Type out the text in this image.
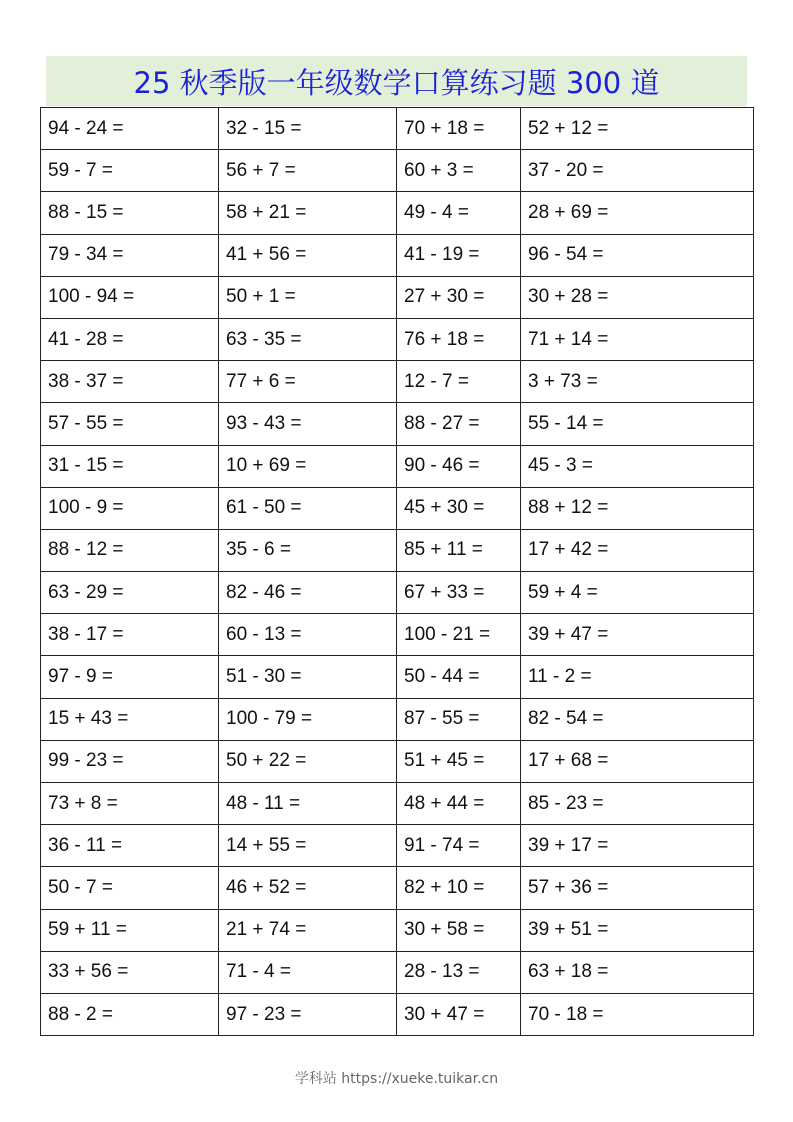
25 秋季版一年级数学口算练习题 300 道
94 - 24 =	32 - 15 =	70 + 18 =	52 + 12 =
59 - 7 =	56 + 7 =	60 + 3 =	37 - 20 =
88 - 15 =	58 + 21 =	49 - 4 =	28 + 69 =
79 - 34 =	41 + 56 =	41 - 19 =	96 - 54 =
100 - 94 =	50 + 1 =	27 + 30 =	30 + 28 =
41 - 28 =	63 - 35 =	76 + 18 =	71 + 14 =
38 - 37 =	77 + 6 =	12 - 7 =	3 + 73 =
57 - 55 =	93 - 43 =	88 - 27 =	55 - 14 =
31 - 15 =	10 + 69 =	90 - 46 =	45 - 3 =
100 - 9 =	61 - 50 =	45 + 30 =	88 + 12 =
88 - 12 =	35 - 6 =	85 + 11 =	17 + 42 =
63 - 29 =	82 - 46 =	67 + 33 =	59 + 4 =
38 - 17 =	60 - 13 =	100 - 21 =	39 + 47 =
97 - 9 =	51 - 30 =	50 - 44 =	11 - 2 =
15 + 43 =	100 - 79 =	87 - 55 =	82 - 54 =
99 - 23 =	50 + 22 =	51 + 45 =	17 + 68 =
73 + 8 =	48 - 11 =	48 + 44 =	85 - 23 =
36 - 11 =	14 + 55 =	91 - 74 =	39 + 17 =
50 - 7 =	46 + 52 =	82 + 10 =	57 + 36 =
59 + 11 =	21 + 74 =	30 + 58 =	39 + 51 =
33 + 56 =	71 - 4 =	28 - 13 =	63 + 18 =
88 - 2 =	97 - 23 =	30 + 47 =	70 - 18 =
学科站 https://xueke.tuikar.cn
